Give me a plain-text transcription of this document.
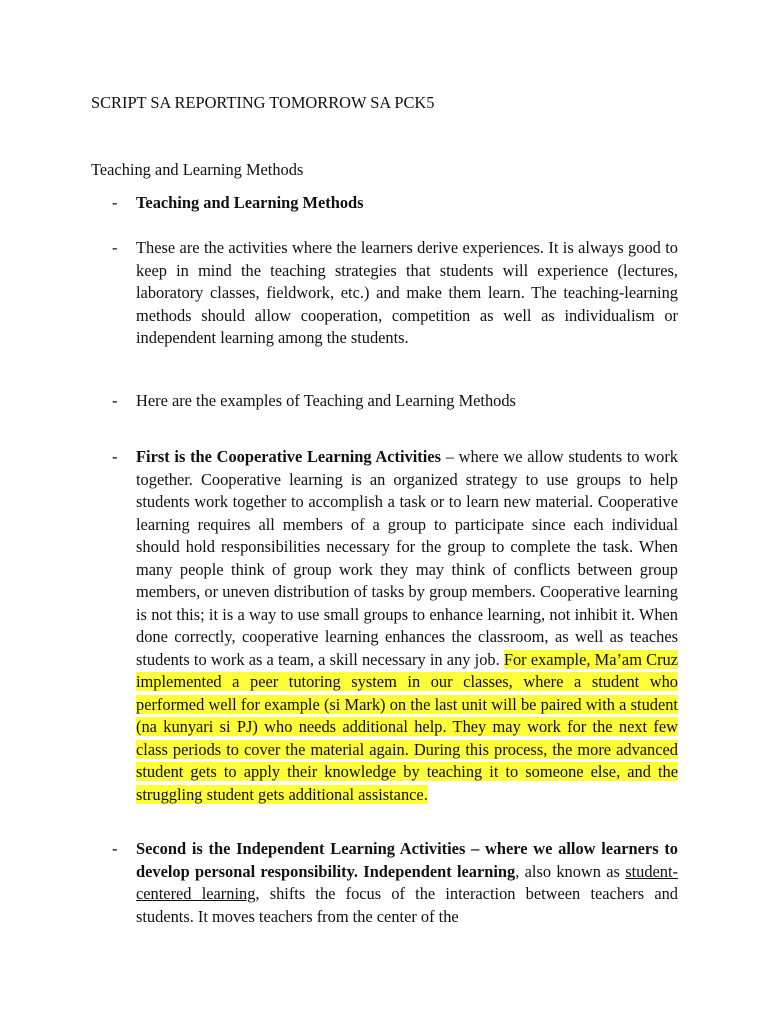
SCRIPT SA REPORTING TOMORROW SA PCK5

Teaching and Learning Methods

-	Teaching and Learning Methods

-	These are the activities where the learners derive experiences. It is always good to keep in mind the teaching strategies that students will experience (lectures, laboratory classes, fieldwork, etc.) and make them learn. The teaching-learning methods should allow cooperation, competition as well as individualism or independent learning among the students.

-	Here are the examples of Teaching and Learning Methods

-	First is the Cooperative Learning Activities – where we allow students to work together. Cooperative learning is an organized strategy to use groups to help students work together to accomplish a task or to learn new material. Cooperative learning requires all members of a group to participate since each individual should hold responsibilities necessary for the group to complete the task. When many people think of group work they may think of conflicts between group members, or uneven distribution of tasks by group members. Cooperative learning is not this; it is a way to use small groups to enhance learning, not inhibit it. When done correctly, cooperative learning enhances the classroom, as well as teaches students to work as a team, a skill necessary in any job. For example, Ma’am Cruz implemented a peer tutoring system in our classes, where a student who performed well for example (si Mark) on the last unit will be paired with a student (na kunyari si PJ) who needs additional help. They may work for the next few class periods to cover the material again. During this process, the more advanced student gets to apply their knowledge by teaching it to someone else, and the struggling student gets additional assistance.

-	Second is the Independent Learning Activities – where we allow learners to develop personal responsibility. Independent learning, also known as student-centered learning, shifts the focus of the interaction between teachers and students. It moves teachers from the center of the
